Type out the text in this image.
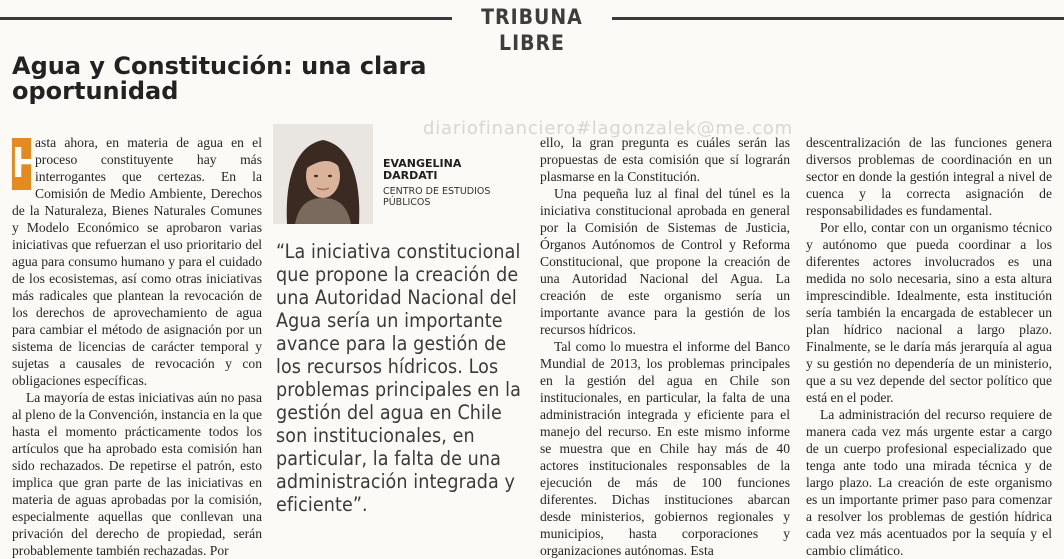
TRIBUNA LIBRE
Agua y Constitución: una clara oportunidad
diariofinanciero#lagonzalek@me.com

H
asta ahora, en materia de agua en el proceso constituyente hay más interrogantes que certezas. En la Comisión de Medio Ambiente, Derechos de la Naturaleza, Bienes Naturales Comunes y Modelo Económico se aprobaron varias iniciativas que refuerzan el uso prioritario del agua para consumo humano y para el cuidado de los ecosistemas, así como otras iniciativas más radicales que plantean la revocación de los derechos de aprovechamiento de agua para cambiar el método de asignación por un sistema de licencias de carácter temporal y sujetas a causales de revocación y con obligaciones específicas.

La mayoría de estas iniciativas aún no pasa al pleno de la Convención, instancia en la que hasta el momento prácticamente todos los artículos que ha aprobado esta comisión han sido rechazados. De repetirse el patrón, esto implica que gran parte de las iniciativas en materia de aguas aprobadas por la comisión, especialmente aquellas que conllevan una privación del derecho de propiedad, serán probablemente también rechazadas. Por

EVANGELINA
DARDATI
CENTRO DE ESTUDIOS
PÚBLICOS

“La iniciativa constitucional que propone la creación de una Autoridad Nacional del Agua sería un importante avance para la gestión de los recursos hídricos. Los problemas principales en la gestión del agua en Chile son institucionales, en particular, la falta de una administración integrada y eficiente”.

ello, la gran pregunta es cuáles serán las propuestas de esta comisión que sí lograrán plasmarse en la Constitución.

Una pequeña luz al final del túnel es la iniciativa constitucional aprobada en general por la Comisión de Sistemas de Justicia, Órganos Autónomos de Control y Reforma Constitucional, que propone la creación de una Autoridad Nacional del Agua. La creación de este organismo sería un importante avance para la gestión de los recursos hídricos.

Tal como lo muestra el informe del Banco Mundial de 2013, los problemas principales en la gestión del agua en Chile son institucionales, en particular, la falta de una administración integrada y eficiente para el manejo del recurso. En este mismo informe se muestra que en Chile hay más de 40 actores institucionales responsables de la ejecución de más de 100 funciones diferentes. Dichas instituciones abarcan desde ministerios, gobiernos regionales y municipios, hasta corporaciones y organizaciones autónomas. Esta

descentralización de las funciones genera diversos problemas de coordinación en un sector en donde la gestión integral a nivel de cuenca y la correcta asignación de responsabilidades es fundamental.

Por ello, contar con un organismo técnico y autónomo que pueda coordinar a los diferentes actores involucrados es una medida no solo necesaria, sino a esta altura imprescindible. Idealmente, esta institución sería también la encargada de establecer un plan hídrico nacional a largo plazo. Finalmente, se le daría más jerarquía al agua y su gestión no dependería de un ministerio, que a su vez depende del sector político que está en el poder.

La administración del recurso requiere de manera cada vez más urgente estar a cargo de un cuerpo profesional especializado que tenga ante todo una mirada técnica y de largo plazo. La creación de este organismo es un importante primer paso para comenzar a resolver los problemas de gestión hídrica cada vez más acentuados por la sequía y el cambio climático.
